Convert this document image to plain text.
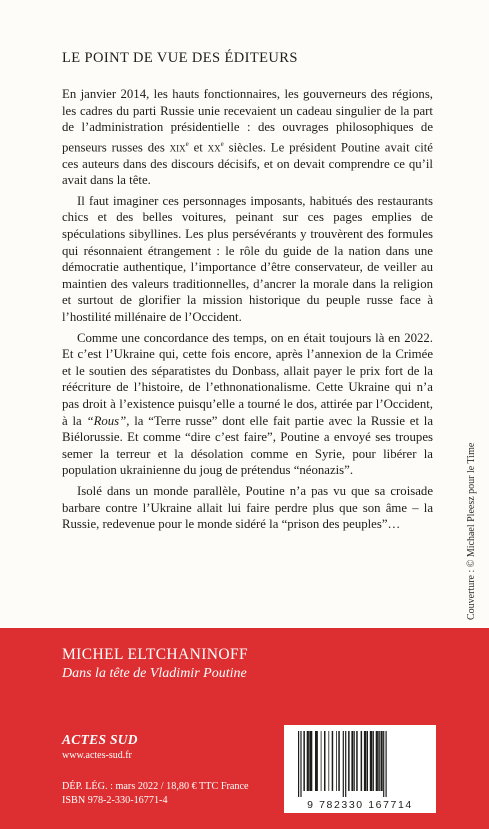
LE POINT DE VUE DES ÉDITEURS

En janvier 2014, les hauts fonctionnaires, les gouverneurs des régions, les cadres du parti Russie unie recevaient un cadeau singulier de la part de l’administration présidentielle : des ouvrages philosophiques de penseurs russes des xix$^e$ et $xx^e$ siècles. Le président Poutine avait cité ces auteurs dans des discours décisifs, et on devait comprendre ce qu’il avait dans la tête.

Il faut imaginer ces personnages imposants, habitués des restaurants chics et des belles voitures, peinant sur ces pages emplies de spéculations sibyllines. Les plus persévérants y trouvèrent des formules qui résonnaient étrangement : le rôle du guide de la nation dans une démocratie authentique, l’importance d’être conservateur, de veiller au maintien des valeurs traditionnelles, d’ancrer la morale dans la religion et surtout de glorifier la mission historique du peuple russe face à l’hostilité millénaire de l’Occident.

Comme une concordance des temps, on en était toujours là en 2022. Et c’est l’Ukraine qui, cette fois encore, après l’annexion de la Crimée et le soutien des séparatistes du Donbass, allait payer le prix fort de la réécriture de l’histoire, de l’ethnonationalisme. Cette Ukraine qui n’a pas droit à l’existence puisqu’elle a tourné le dos, attirée par l’Occident, à la “Rous”, la “Terre russe” dont elle fait partie avec la Russie et la Biélorussie. Et comme “dire c’est faire”, Poutine a envoyé ses troupes semer la terreur et la désolation comme en Syrie, pour libérer la population ukrainienne du joug de prétendus “néonazis”.

Isolé dans un monde parallèle, Poutine n’a pas vu que sa croisade barbare contre l’Ukraine allait lui faire perdre plus que son âme – la Russie, redevenue pour le monde sidéré la “prison des peuples”…	Couverture : © Michael Pleesz pour le Time
MICHEL ELTCHANINOFF
Dans la tête de Vladimir Poutine
ACTES SUD
www.actes-sud.fr
DÉP. LÉG. : mars 2022 / 18,80 € TTC France
ISBN 978-2-330-16771-4	9 782330 167714
